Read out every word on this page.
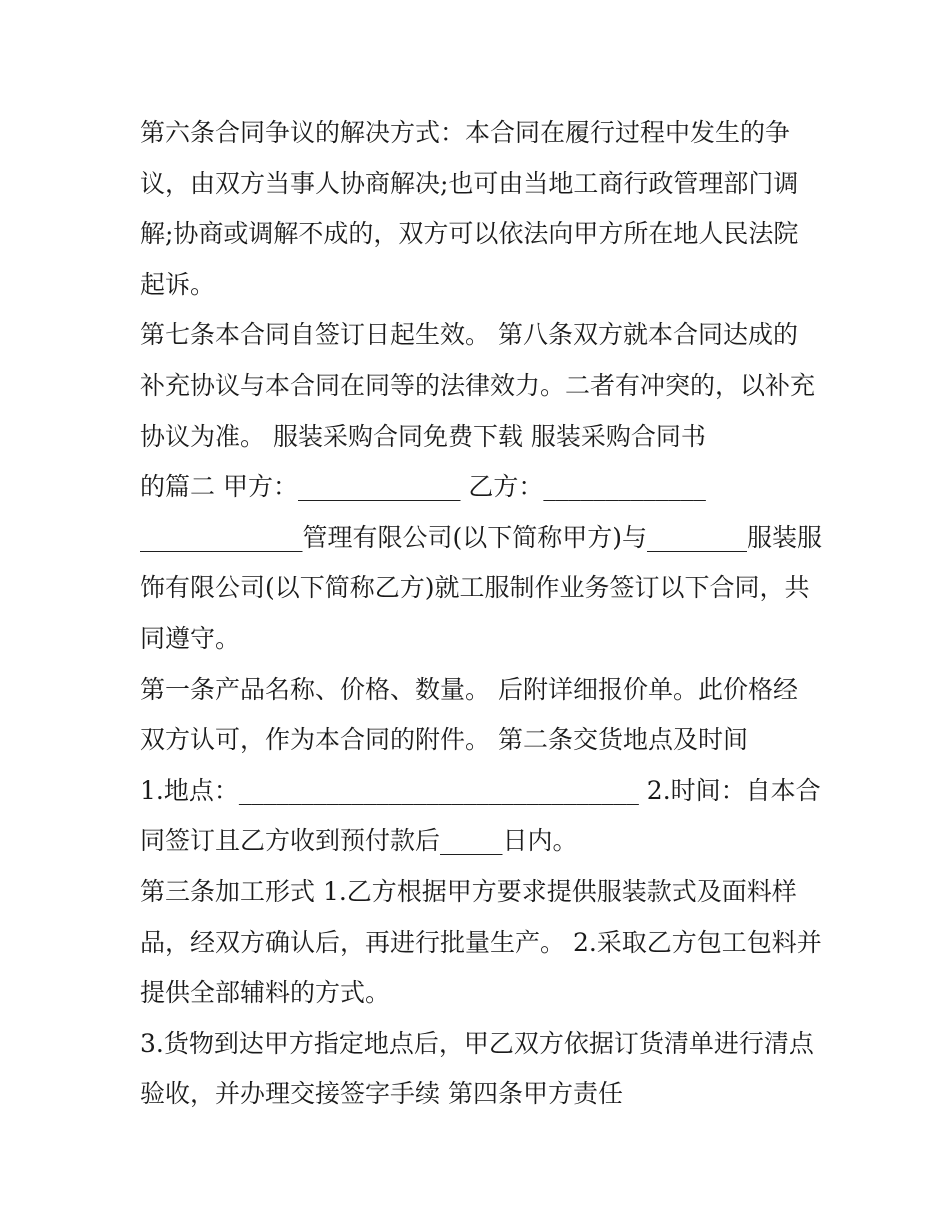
第六条合同争议的解决方式：本合同在履行过程中发生的争
议，由双方当事人协商解决;也可由当地工商行政管理部门调
解;协商或调解不成的，双方可以依法向甲方所在地人民法院
起诉。
第七条本合同自签订日起生效。 第八条双方就本合同达成的
补充协议与本合同在同等的法律效力。二者有冲突的，以补充
协议为准。 服装采购合同免费下载 服装采购合同书
的篇二 甲方：_____________ 乙方：_____________
_____________管理有限公司(以下简称甲方)与________服装服
饰有限公司(以下简称乙方)就工服制作业务签订以下合同，共
同遵守。
第一条产品名称、价格、数量。 后附详细报价单。此价格经
双方认可，作为本合同的附件。 第二条交货地点及时间
1.地点：________________________________ 2.时间：自本合
同签订且乙方收到预付款后_____日内。
第三条加工形式 1.乙方根据甲方要求提供服装款式及面料样
品，经双方确认后，再进行批量生产。 2.采取乙方包工包料并
提供全部辅料的方式。
3.货物到达甲方指定地点后，甲乙双方依据订货清单进行清点
验收，并办理交接签字手续 第四条甲方责任
